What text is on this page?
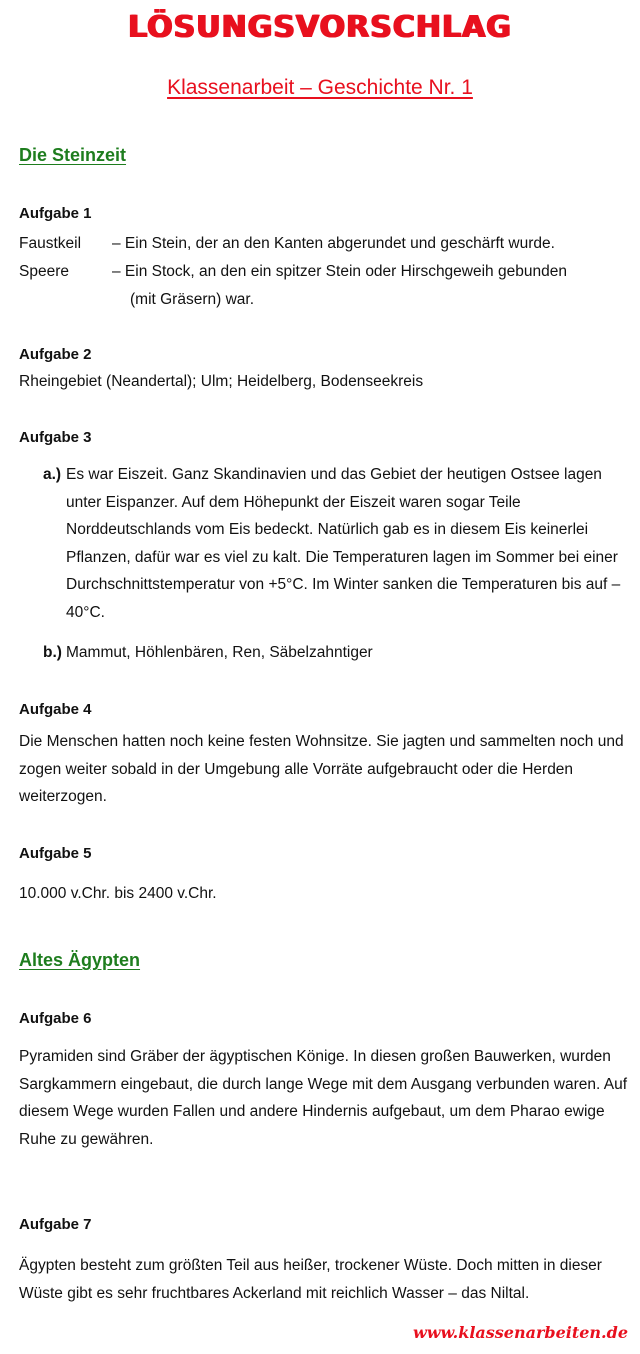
LÖSUNGSVORSCHLAG
Klassenarbeit – Geschichte Nr. 1
Die Steinzeit
Aufgabe 1
Faustkeil – Ein Stein, der an den Kanten abgerundet und geschärft wurde.
Speere	– Ein Stock, an den ein spitzer Stein oder Hirschgeweih gebunden
(mit Gräsern) war.
Aufgabe 2
Rheingebiet (Neandertal); Ulm; Heidelberg, Bodenseekreis
Aufgabe 3
a.) Es war Eiszeit. Ganz Skandinavien und das Gebiet der heutigen Ostsee lagen unter Eispanzer. Auf dem Höhepunkt der Eiszeit waren sogar Teile Norddeutschlands vom Eis bedeckt. Natürlich gab es in diesem Eis keinerlei Pflanzen, dafür war es viel zu kalt. Die Temperaturen lagen im Sommer bei einer Durchschnittstemperatur von +5°C. Im Winter sanken die Temperaturen bis auf –40°C.
b.) Mammut, Höhlenbären, Ren, Säbelzahntiger
Aufgabe 4
Die Menschen hatten noch keine festen Wohnsitze. Sie jagten und sammelten noch und zogen weiter sobald in der Umgebung alle Vorräte aufgebraucht oder die Herden weiterzogen.
Aufgabe 5
10.000 v.Chr. bis 2400 v.Chr.
Altes Ägypten
Aufgabe 6
Pyramiden sind Gräber der ägyptischen Könige. In diesen großen Bauwerken, wurden Sargkammern eingebaut, die durch lange Wege mit dem Ausgang verbunden waren. Auf diesem Wege wurden Fallen und andere Hindernis aufgebaut, um dem Pharao ewige Ruhe zu gewähren.
Aufgabe 7
Ägypten besteht zum größten Teil aus heißer, trockener Wüste. Doch mitten in dieser Wüste gibt es sehr fruchtbares Ackerland mit reichlich Wasser – das Niltal.
www.klassenarbeiten.de
